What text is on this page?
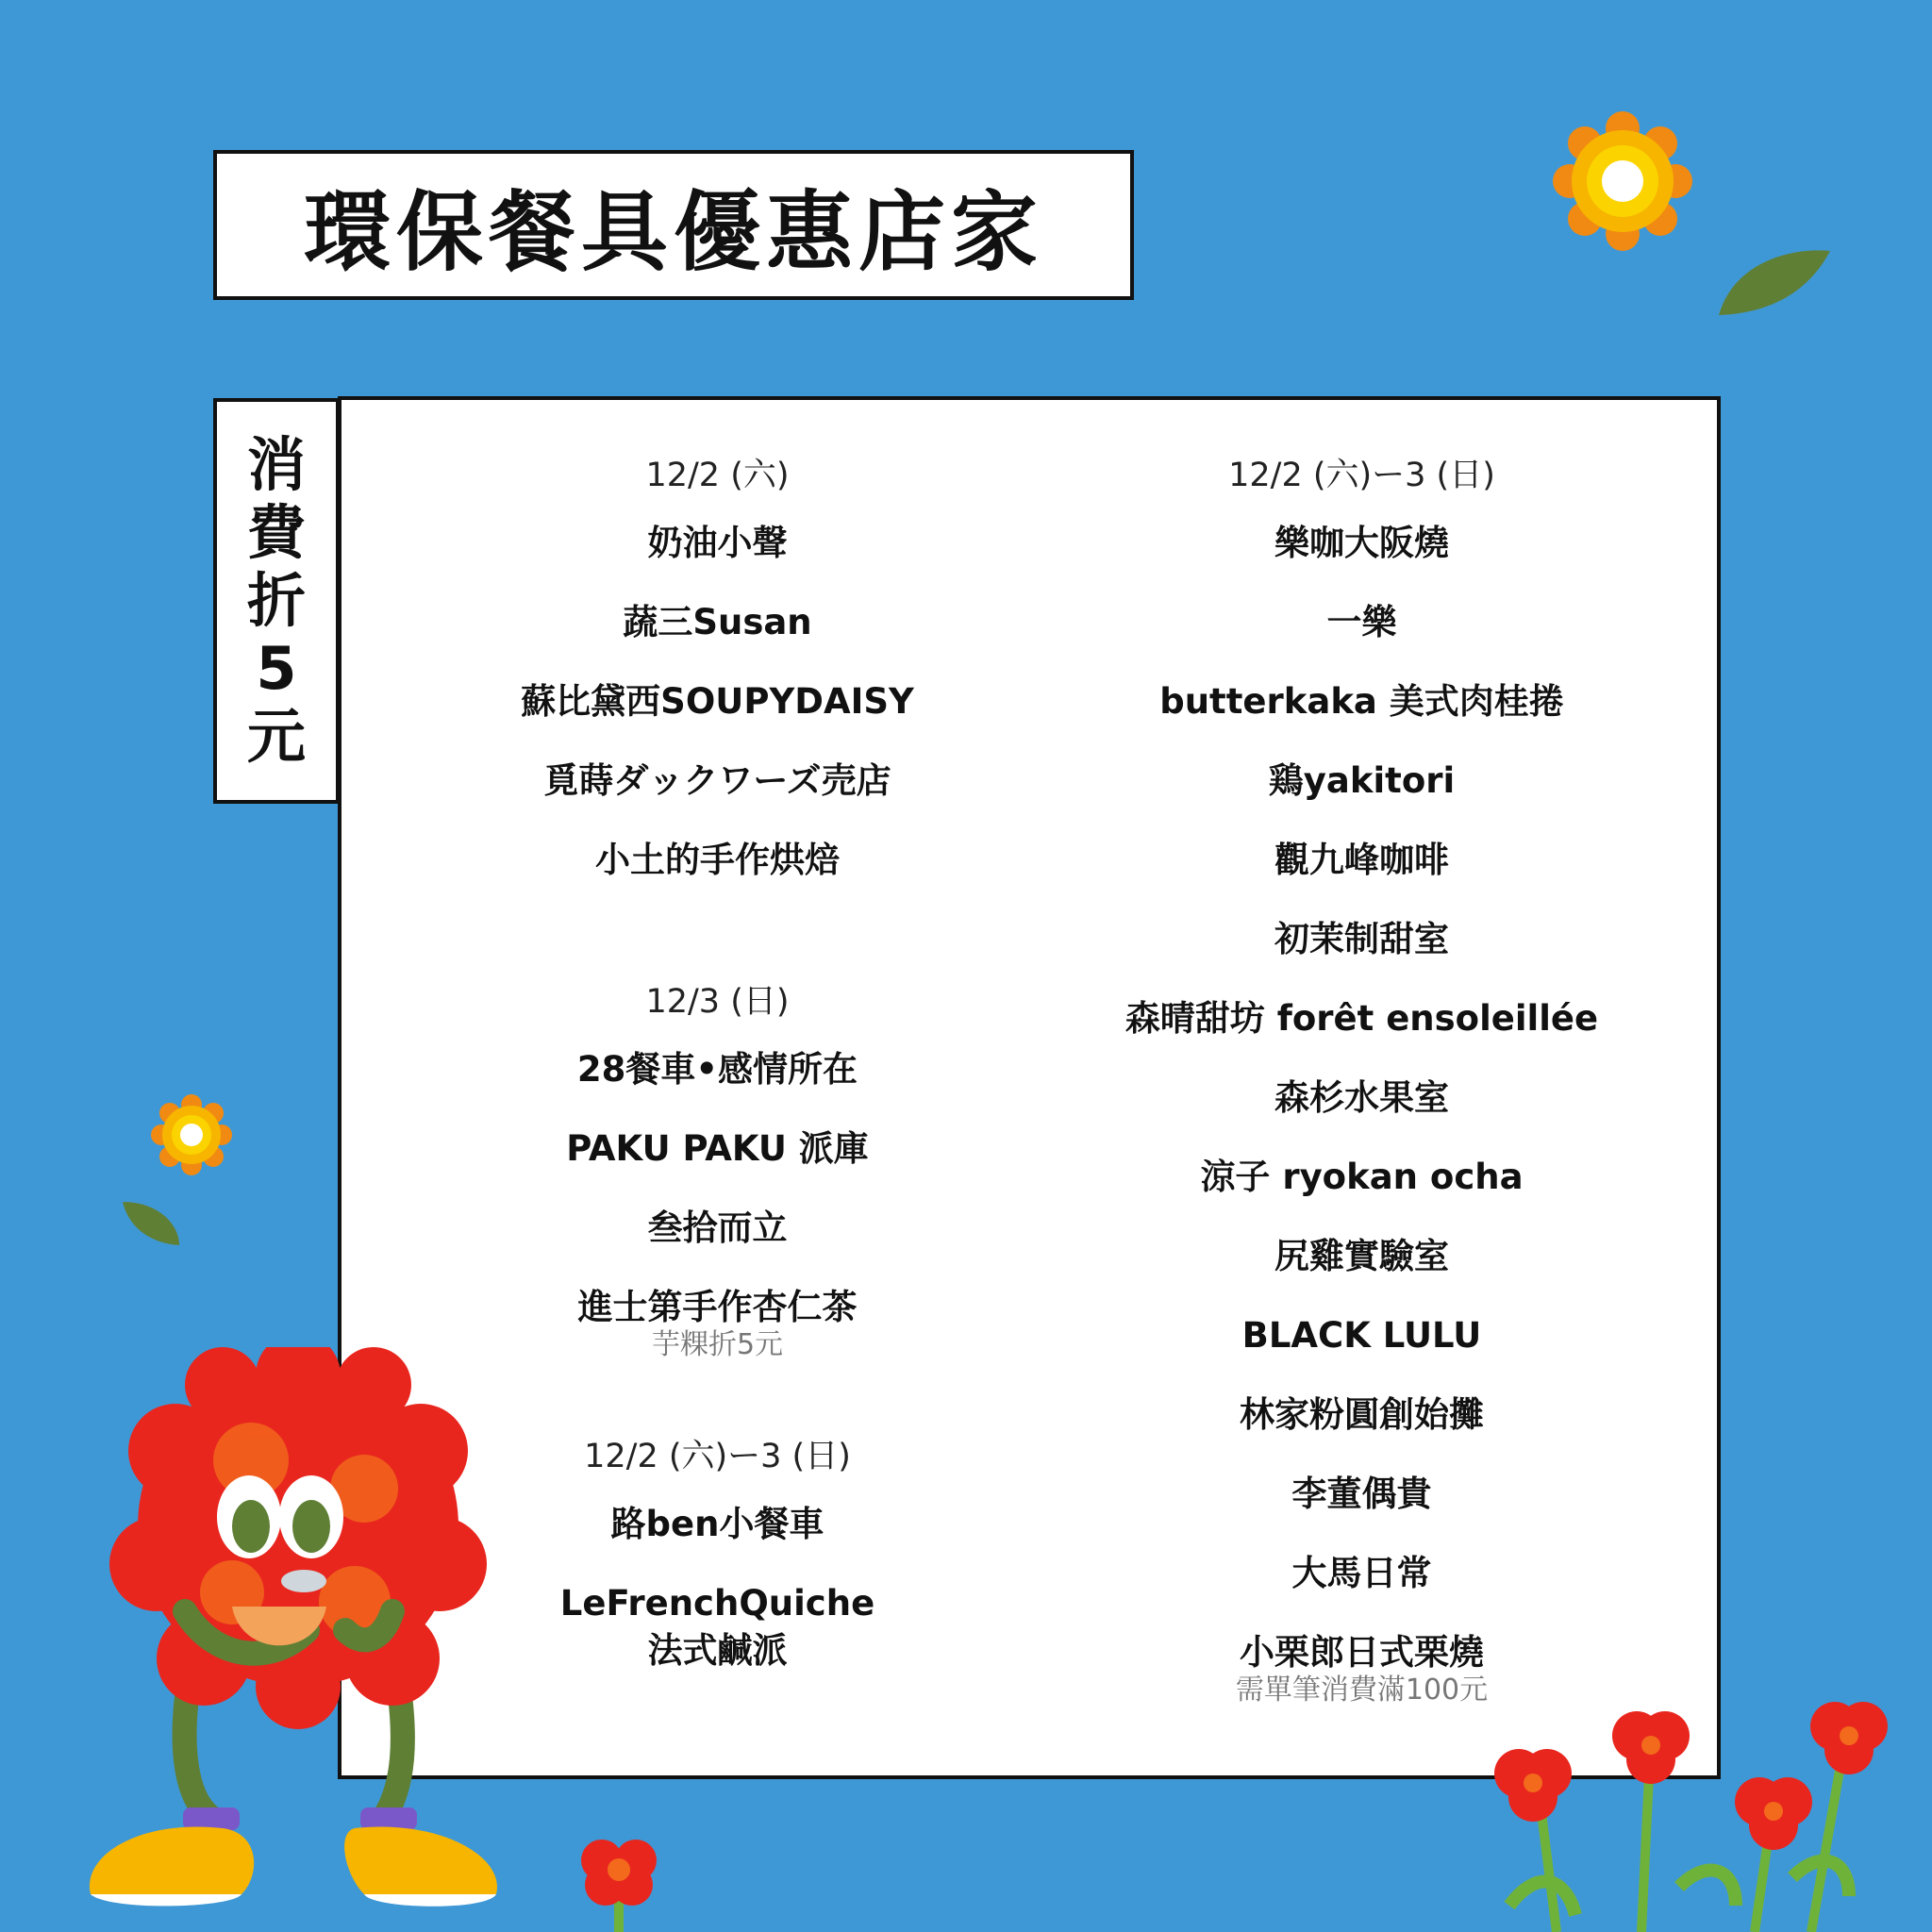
環保餐具優惠店家
消
費
折
5
元
12/2 (六)
奶油小聲
蔬三Susan
蘇比黛西SOUPYDAISY
覓蒔ダックワーズ売店
小土的手作烘焙
12/3 (日)
28餐車•感情所在
PAKU PAKU 派庫
叁拾而立
進士第手作杏仁茶
芋粿折5元
12/2 (六)ー3 (日)
路ben小餐車
LeFrenchQuiche
法式鹹派
12/2 (六)ー3 (日)
樂咖大阪燒
一樂
butterkaka 美式肉桂捲
鶏yakitori
觀九峰咖啡
初茉制甜室
森晴甜坊 forêt ensoleillée
森杉水果室
涼子 ryokan ocha
尻雞實驗室
BLACK LULU
林家粉圓創始攤
李董偶貴
大馬日常
小栗郎日式栗燒
需單筆消費滿100元
